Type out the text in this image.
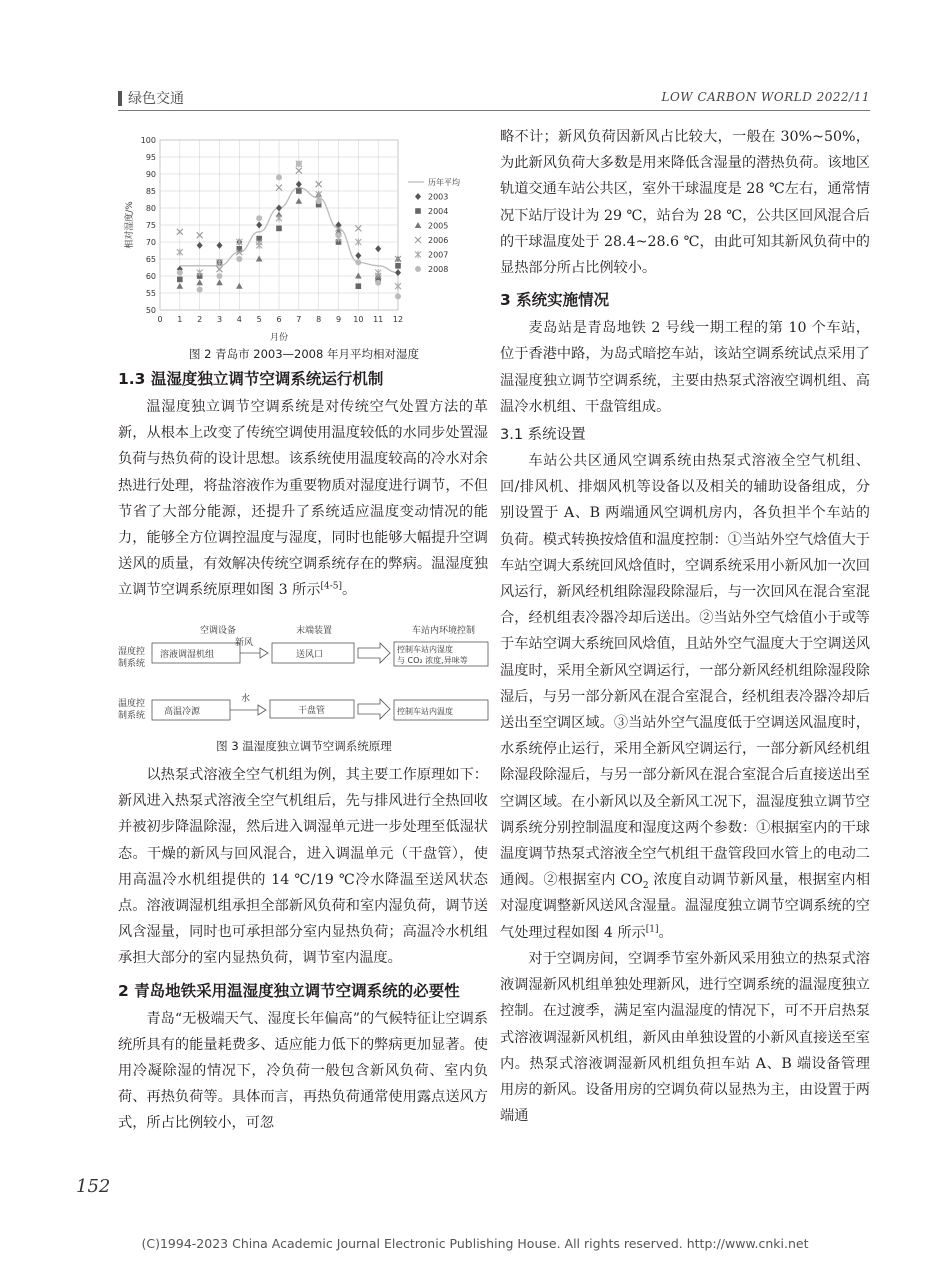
绿色交通	LOW CARBON WORLD 2022/11
50
55
60
65
70
75
80
85
90
95
100
0 1 2 3 4 5 6 7 8 9 10 11 12
月份
相对湿度/%
历年平均
2003
2004
2005
2006
2007
2008
图 2 青岛市 2003—2008 年月平均相对湿度
1.3 温湿度独立调节空调系统运行机制

温湿度独立调节空调系统是对传统空气处置方法的革新，从根本上改变了传统空调使用温度较低的水同步处置湿负荷与热负荷的设计思想。该系统使用温度较高的冷水对余热进行处理，将盐溶液作为重要物质对湿度进行调节，不但节省了大部分能源，还提升了系统适应温度变动情况的能力，能够全方位调控温度与湿度，同时也能够大幅提升空调送风的质量，有效解决传统空调系统存在的弊病。温湿度独立调节空调系统原理如图 3 所示[4-5]。

空调设备	末端装置	车站内环境控制
湿度控
制系统
溶液调湿机组
新风
送风口
控制车站内湿度
与 CO₂ 浓度,异味等
温度控
制系统 高温冷源
水
干盘管	控制车站内温度
图 3 温湿度独立调节空调系统原理

以热泵式溶液全空气机组为例，其主要工作原理如下：新风进入热泵式溶液全空气机组后，先与排风进行全热回收并被初步降温除湿，然后进入调湿单元进一步处理至低湿状态。干燥的新风与回风混合，进入调温单元（干盘管），使用高温冷水机组提供的 14 ℃/19 ℃冷水降温至送风状态点。溶液调湿机组承担全部新风负荷和室内湿负荷，调节送风含湿量，同时也可承担部分室内显热负荷；高温冷水机组承担大部分的室内显热负荷，调节室内温度。

2 青岛地铁采用温湿度独立调节空调系统的必要性

青岛“无极端天气、湿度长年偏高”的气候特征让空调系统所具有的能量耗费多、适应能力低下的弊病更加显著。使用冷凝除湿的情况下，冷负荷一般包含新风负荷、室内负荷、再热负荷等。具体而言，再热负荷通常使用露点送风方式，所占比例较小，可忽

略不计；新风负荷因新风占比较大，一般在 30%~50%，为此新风负荷大多数是用来降低含湿量的潜热负荷。该地区轨道交通车站公共区，室外干球温度是 28 ℃左右，通常情况下站厅设计为 29 ℃，站台为 28 ℃，公共区回风混合后的干球温度处于 28.4~28.6 ℃，由此可知其新风负荷中的显热部分所占比例较小。

3 系统实施情况

麦岛站是青岛地铁 2 号线一期工程的第 10 个车站，位于香港中路，为岛式暗挖车站，该站空调系统试点采用了温湿度独立调节空调系统，主要由热泵式溶液空调机组、高温冷水机组、干盘管组成。

3.1 系统设置

车站公共区通风空调系统由热泵式溶液全空气机组、回/排风机、排烟风机等设备以及相关的辅助设备组成，分别设置于 A、B 两端通风空调机房内，各负担半个车站的负荷。模式转换按焓值和温度控制：①当站外空气焓值大于车站空调大系统回风焓值时，空调系统采用小新风加一次回风运行，新风经机组除湿段除湿后，与一次回风在混合室混合，经机组表冷器冷却后送出。②当站外空气焓值小于或等于车站空调大系统回风焓值，且站外空气温度大于空调送风温度时，采用全新风空调运行，一部分新风经机组除湿段除湿后，与另一部分新风在混合室混合，经机组表冷器冷却后送出至空调区域。③当站外空气温度低于空调送风温度时，水系统停止运行，采用全新风空调运行，一部分新风经机组除湿段除湿后，与另一部分新风在混合室混合后直接送出至空调区域。在小新风以及全新风工况下，温湿度独立调节空调系统分别控制温度和湿度这两个参数：①根据室内的干球温度调节热泵式溶液全空气机组干盘管段回水管上的电动二通阀。②根据室内 $CO_2$ 浓度自动调节新风量，根据室内相对湿度调整新风送风含湿量。温湿度独立调节空调系统的空气处理过程如图 4 所示[1]。

对于空调房间，空调季节室外新风采用独立的热泵式溶液调湿新风机组单独处理新风，进行空调系统的温湿度独立控制。在过渡季，满足室内温湿度的情况下，可不开启热泵式溶液调湿新风机组，新风由单独设置的小新风直接送至室内。热泵式溶液调湿新风机组负担车站 A、B 端设备管理用房的新风。设备用房的空调负荷以显热为主，由设置于两端通

152
(C)1994-2023 China Academic Journal Electronic Publishing House. All rights reserved. http://www.cnki.net
